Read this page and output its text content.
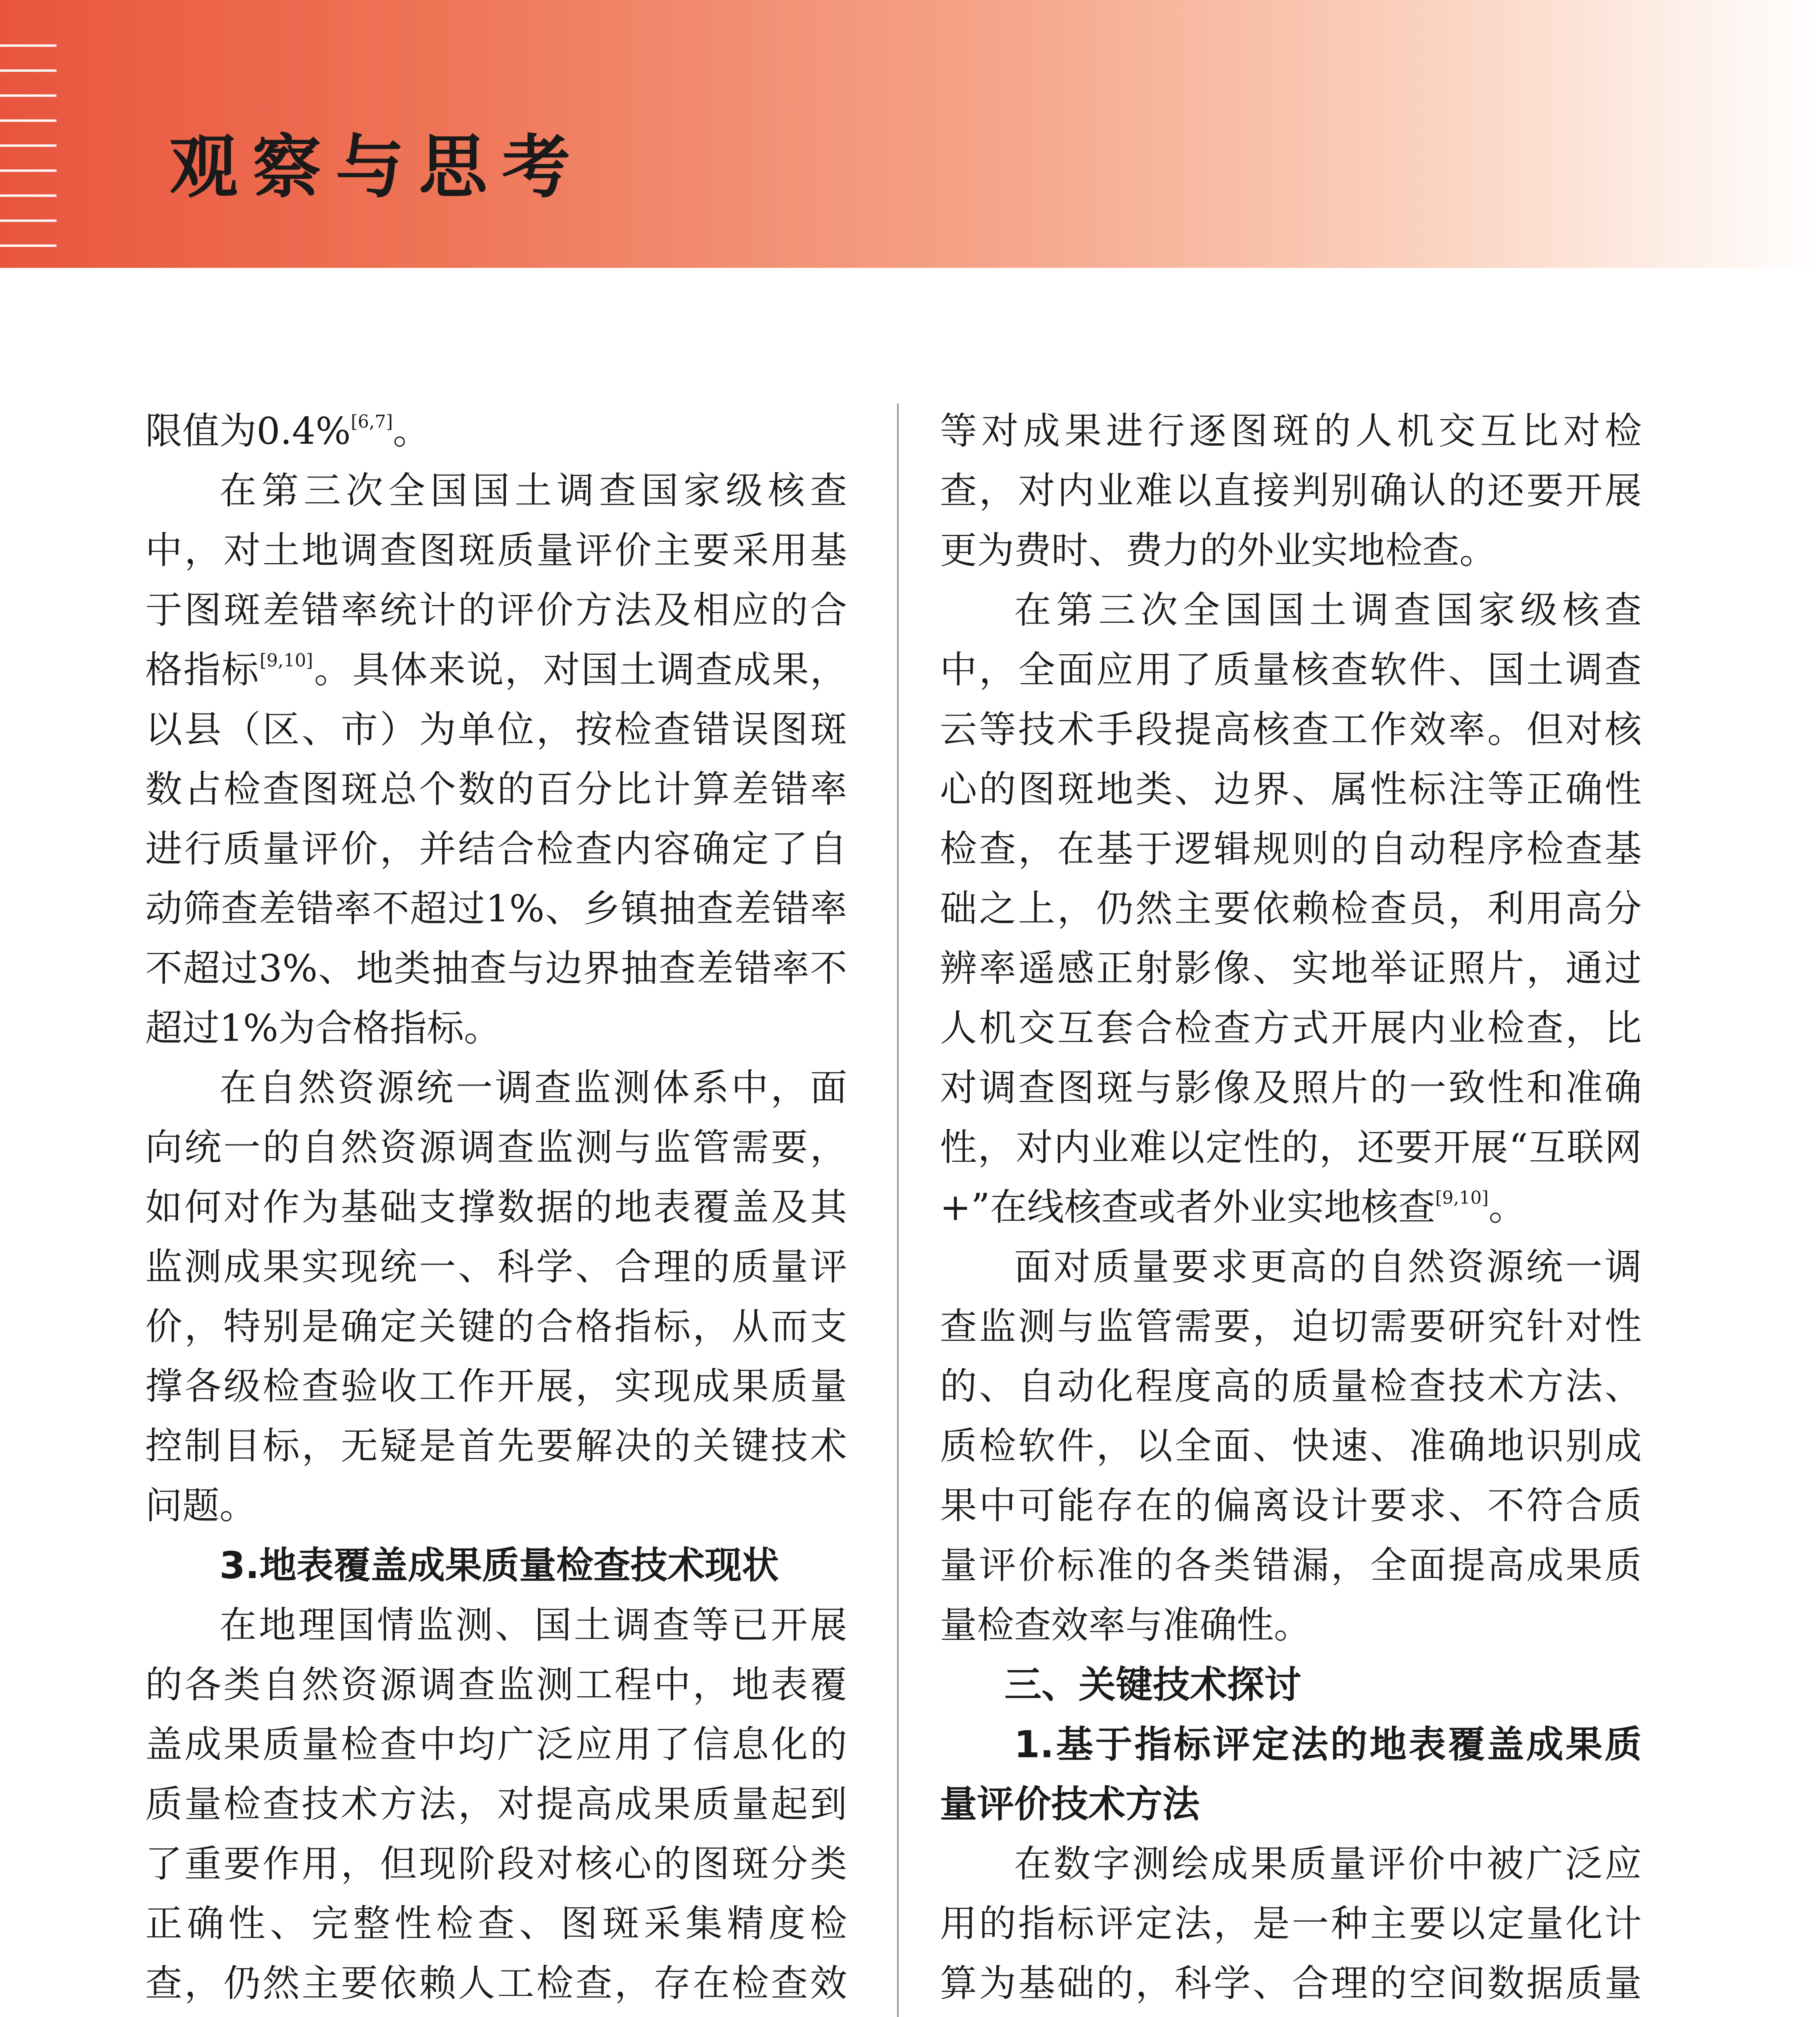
观察与思考

限值为0.4%[6,7]。

在第三次全国国土调查国家级核查中，对土地调查图斑质量评价主要采用基于图斑差错率统计的评价方法及相应的合格指标[9,10]。具体来说，对国土调查成果，以县（区、市）为单位，按检查错误图斑数占检查图斑总个数的百分比计算差错率进行质量评价，并结合检查内容确定了自动筛查差错率不超过1%、乡镇抽查差错率不超过3%、地类抽查与边界抽查差错率不超过1%为合格指标。

在自然资源统一调查监测体系中，面向统一的自然资源调查监测与监管需要，如何对作为基础支撑数据的地表覆盖及其监测成果实现统一、科学、合理的质量评价，特别是确定关键的合格指标，从而支撑各级检查验收工作开展，实现成果质量控制目标，无疑是首先要解决的关键技术问题。

3.地表覆盖成果质量检查技术现状

在地理国情监测、国土调查等已开展的各类自然资源调查监测工程中，地表覆盖成果质量检查中均广泛应用了信息化的质量检查技术方法，对提高成果质量起到了重要作用，但现阶段对核心的图斑分类正确性、完整性检查、图斑采集精度检查，仍然主要依赖人工检查，存在检查效

等对成果进行逐图斑的人机交互比对检查，对内业难以直接判别确认的还要开展更为费时、费力的外业实地检查。

在第三次全国国土调查国家级核查中，全面应用了质量核查软件、国土调查云等技术手段提高核查工作效率。但对核心的图斑地类、边界、属性标注等正确性检查，在基于逻辑规则的自动程序检查基础之上，仍然主要依赖检查员，利用高分辨率遥感正射影像、实地举证照片，通过人机交互套合检查方式开展内业检查，比对调查图斑与影像及照片的一致性和准确性，对内业难以定性的，还要开展“互联网+”在线核查或者外业实地核查[9,10]。

面对质量要求更高的自然资源统一调查监测与监管需要，迫切需要研究针对性的、自动化程度高的质量检查技术方法、质检软件，以全面、快速、准确地识别成果中可能存在的偏离设计要求、不符合质量评价标准的各类错漏，全面提高成果质量检查效率与准确性。

三、关键技术探讨

1.基于指标评定法的地表覆盖成果质量评价技术方法

在数字测绘成果质量评价中被广泛应用的指标评定法，是一种主要以定量化计算为基础的，科学、合理的空间数据质量
